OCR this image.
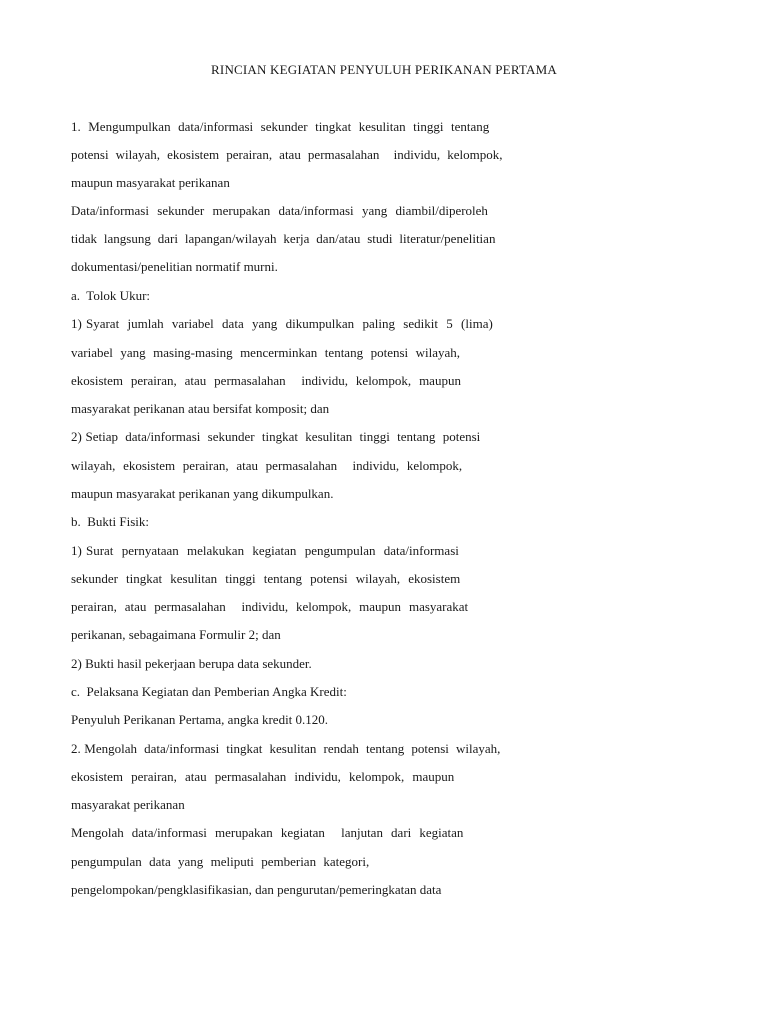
RINCIAN KEGIATAN PENYULUH PERIKANAN PERTAMA
1.  Mengumpulkan  data/informasi  sekunder  tingkat  kesulitan  tinggi  tentang
potensi  wilayah,  ekosistem  perairan,  atau  permasalahan    individu,  kelompok,
maupun masyarakat perikanan
Data/informasi  sekunder  merupakan  data/informasi  yang  diambil/diperoleh
tidak  langsung  dari  lapangan/wilayah  kerja  dan/atau  studi  literatur/penelitian
dokumentasi/penelitian normatif murni.
a.  Tolok Ukur:
1) Syarat  jumlah  variabel  data  yang  dikumpulkan  paling  sedikit  5  (lima)
variabel  yang  masing-masing  mencerminkan  tentang  potensi  wilayah,
ekosistem  perairan,  atau  permasalahan    individu,  kelompok,  maupun
masyarakat perikanan atau bersifat komposit; dan
2) Setiap  data/informasi  sekunder  tingkat  kesulitan  tinggi  tentang  potensi
wilayah,  ekosistem  perairan,  atau  permasalahan    individu,  kelompok,
maupun masyarakat perikanan yang dikumpulkan.
b.  Bukti Fisik:
1) Surat  pernyataan  melakukan  kegiatan  pengumpulan  data/informasi
sekunder  tingkat  kesulitan  tinggi  tentang  potensi  wilayah,  ekosistem
perairan,  atau  permasalahan    individu,  kelompok,  maupun  masyarakat
perikanan, sebagaimana Formulir 2; dan
2) Bukti hasil pekerjaan berupa data sekunder.
c.  Pelaksana Kegiatan dan Pemberian Angka Kredit:
Penyuluh Perikanan Pertama, angka kredit 0.120.
2. Mengolah  data/informasi  tingkat  kesulitan  rendah  tentang  potensi  wilayah,
ekosistem  perairan,  atau  permasalahan  individu,  kelompok,  maupun
masyarakat perikanan
Mengolah  data/informasi  merupakan  kegiatan    lanjutan  dari  kegiatan
pengumpulan  data  yang  meliputi  pemberian  kategori,
pengelompokan/pengklasifikasian, dan pengurutan/pemeringkatan data
